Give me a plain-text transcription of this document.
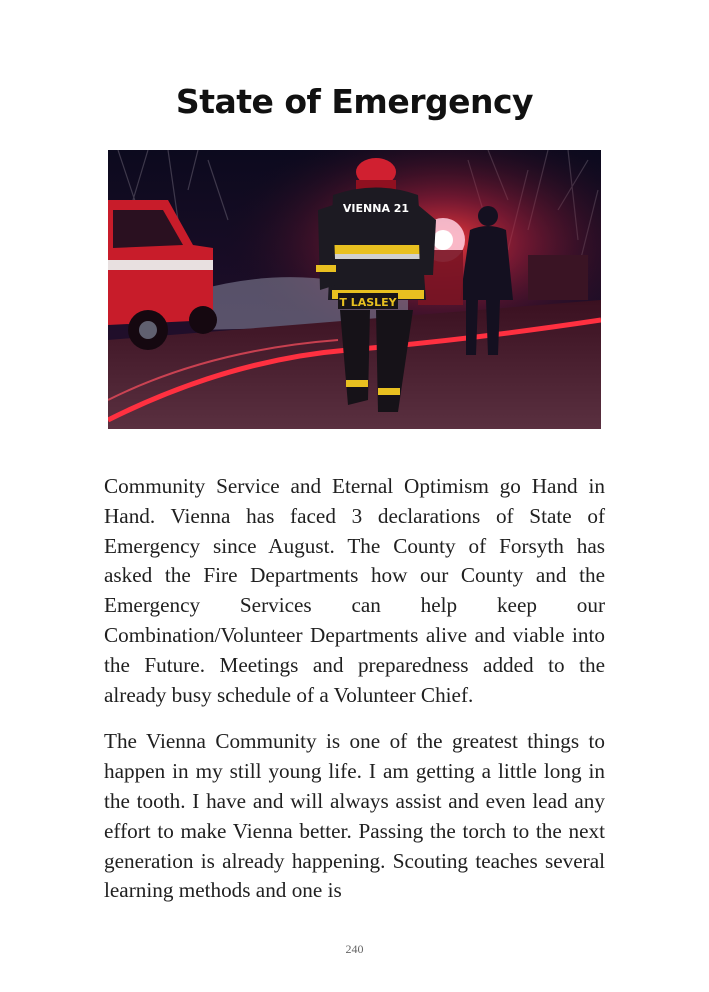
State of Emergency
VIENNA 21
T LASLEY

Community Service and Eternal Optimism go Hand in Hand. Vienna has faced 3 declarations of State of Emergency since August. The County of Forsyth has asked the Fire Departments how our County and the Emergency Services can help keep our Combination/Volunteer Departments alive and viable into the Future. Meetings and preparedness added to the already busy schedule of a Volunteer Chief.

The Vienna Community is one of the greatest things to happen in my still young life. I am getting a little long in the tooth. I have and will always assist and even lead any effort to make Vienna better. Passing the torch to the next generation is already happening. Scouting teaches several learning methods and one is

240
